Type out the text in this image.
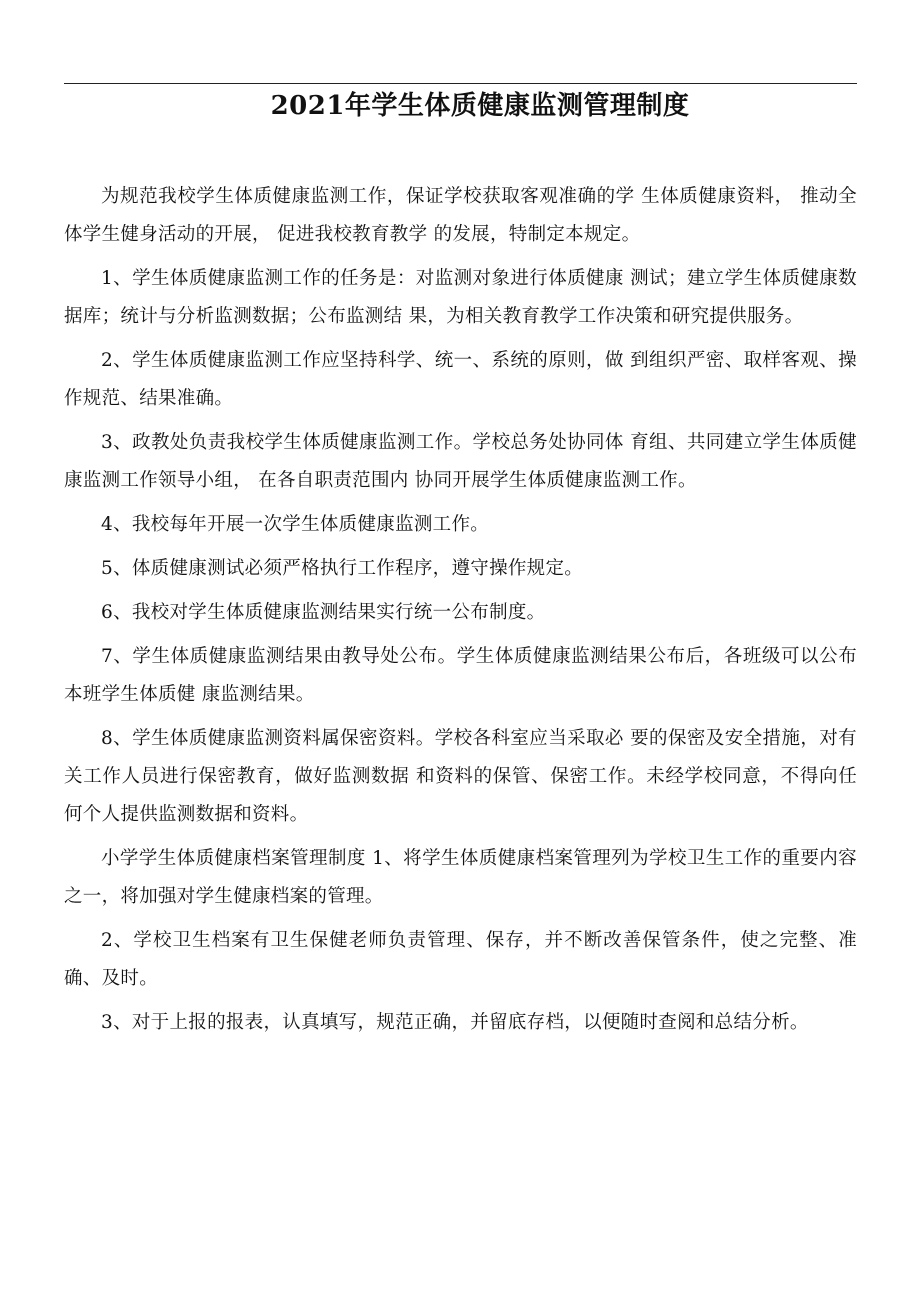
2021年学生体质健康监测管理制度

为规范我校学生体质健康监测工作，保证学校获取客观准确的学 生体质健康资料， 推动全体学生健身活动的开展， 促进我校教育教学 的发展，特制定本规定。

1、学生体质健康监测工作的任务是：对监测对象进行体质健康 测试；建立学生体质健康数据库；统计与分析监测数据；公布监测结 果，为相关教育教学工作决策和研究提供服务。

2、学生体质健康监测工作应坚持科学、统一、系统的原则，做 到组织严密、取样客观、操作规范、结果准确。

3、政教处负责我校学生体质健康监测工作。学校总务处协同体 育组、共同建立学生体质健康监测工作领导小组， 在各自职责范围内 协同开展学生体质健康监测工作。

4、我校每年开展一次学生体质健康监测工作。

5、体质健康测试必须严格执行工作程序，遵守操作规定。

6、我校对学生体质健康监测结果实行统一公布制度。

7、学生体质健康监测结果由教导处公布。学生体质健康监测结果公布后，各班级可以公布本班学生体质健 康监测结果。

8、学生体质健康监测资料属保密资料。学校各科室应当采取必 要的保密及安全措施，对有关工作人员进行保密教育，做好监测数据 和资料的保管、保密工作。未经学校同意，不得向任何个人提供监测数据和资料。

小学学生体质健康档案管理制度 1、将学生体质健康档案管理列为学校卫生工作的重要内容之一，将加强对学生健康档案的管理。

2、学校卫生档案有卫生保健老师负责管理、保存，并不断改善保管条件，使之完整、准确、及时。

3、对于上报的报表，认真填写，规范正确，并留底存档，以便随时查阅和总结分析。
